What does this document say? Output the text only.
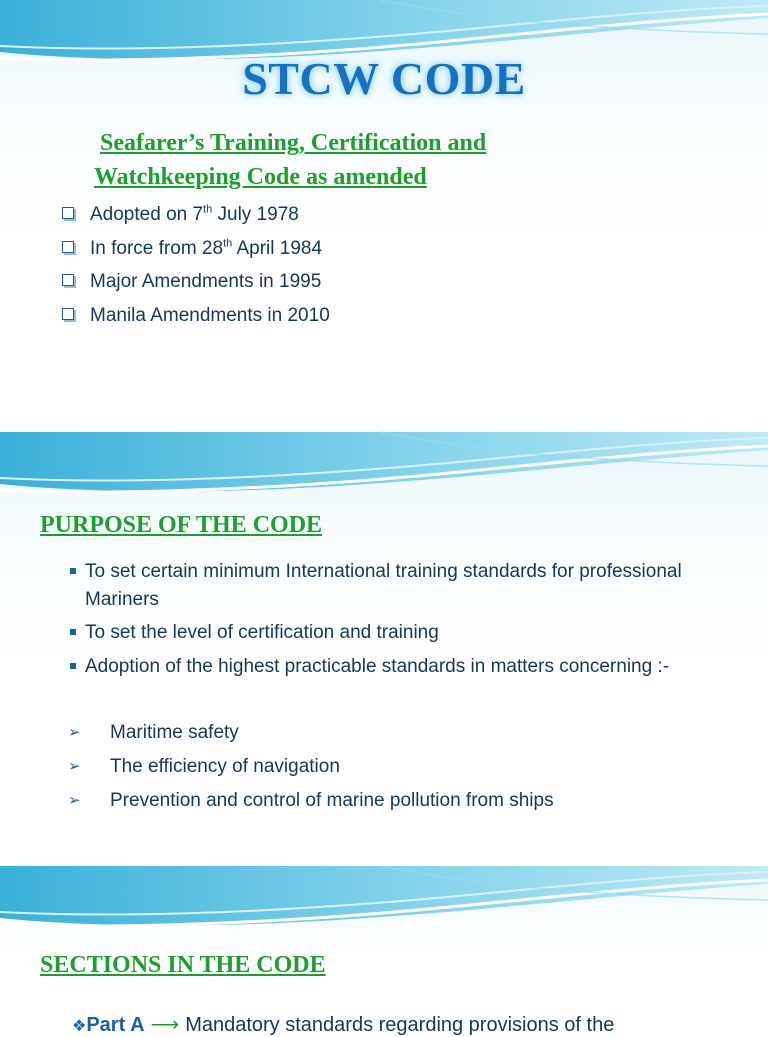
STCW CODE
Seafarer’s Training, Certification and
Watchkeeping Code as amended
Adopted on 7th July 1978
In force from 28th April 1984
Major Amendments in 1995
Manila Amendments in 2010
PURPOSE OF THE CODE
To set certain minimum International training standards for professional Mariners
To set the level of certification and training
Adoption of the highest practicable standards in matters concerning :-
➢ Maritime safety
➢ The efficiency of navigation
➢ Prevention and control of marine pollution from ships
SECTIONS IN THE CODE
❖Part A ⟶ Mandatory standards regarding provisions of the
